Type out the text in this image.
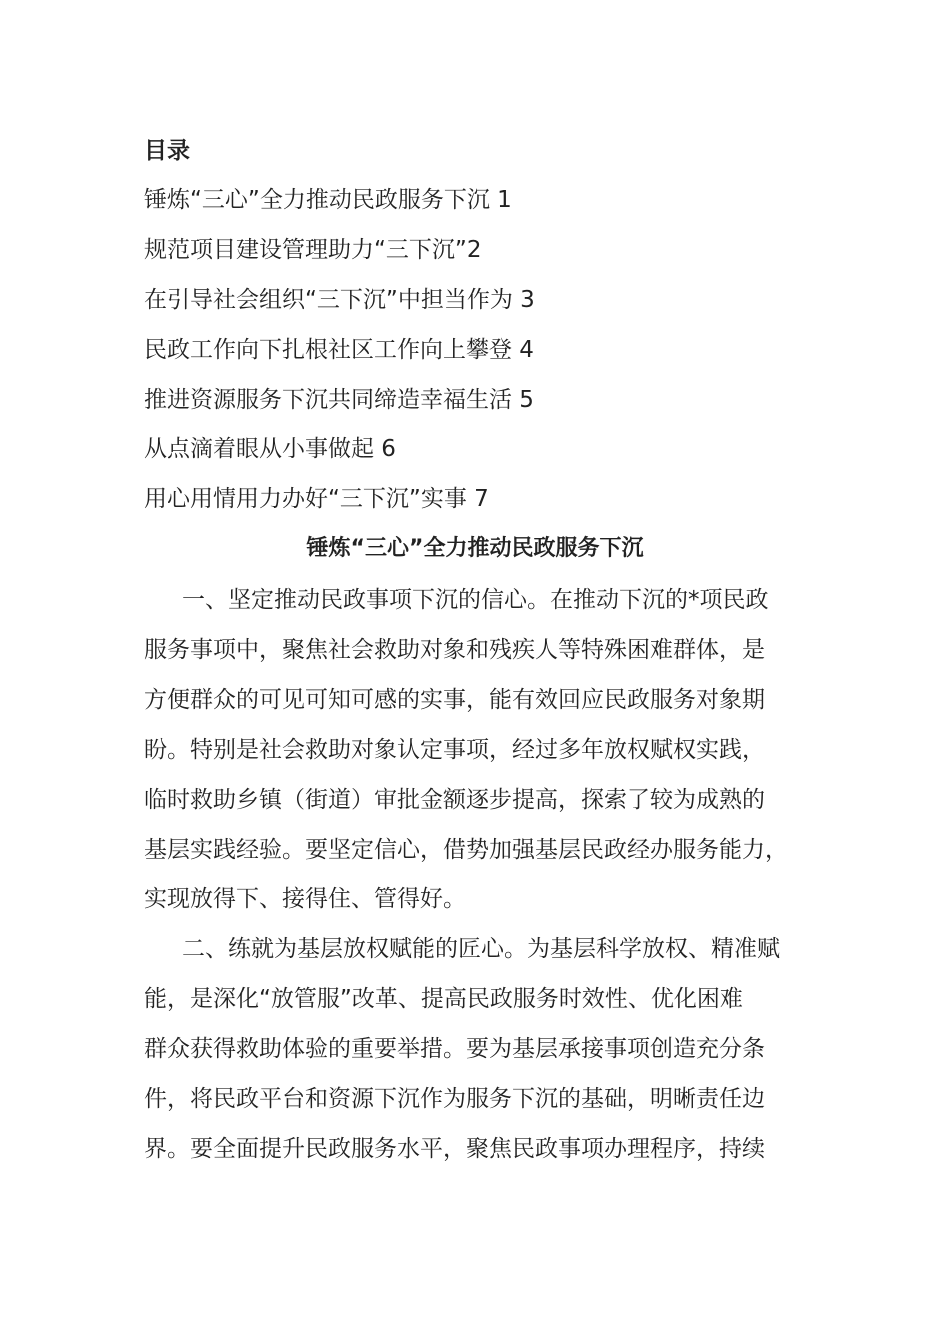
目录
锤炼“三心”全力推动民政服务下沉 1
规范项目建设管理助力“三下沉”2
在引导社会组织“三下沉”中担当作为 3
民政工作向下扎根社区工作向上攀登 4
推进资源服务下沉共同缔造幸福生活 5
从点滴着眼从小事做起 6
用心用情用力办好“三下沉”实事 7
锤炼“三心”全力推动民政服务下沉
一、坚定推动民政事项下沉的信心。在推动下沉的*项民政
服务事项中，聚焦社会救助对象和残疾人等特殊困难群体，是
方便群众的可见可知可感的实事，能有效回应民政服务对象期
盼。特别是社会救助对象认定事项，经过多年放权赋权实践，
临时救助乡镇（街道）审批金额逐步提高，探索了较为成熟的
基层实践经验。要坚定信心，借势加强基层民政经办服务能力，
实现放得下、接得住、管得好。
二、练就为基层放权赋能的匠心。为基层科学放权、精准赋
能，是深化“放管服”改革、提高民政服务时效性、优化困难
群众获得救助体验的重要举措。要为基层承接事项创造充分条
件，将民政平台和资源下沉作为服务下沉的基础，明晰责任边
界。要全面提升民政服务水平，聚焦民政事项办理程序，持续
